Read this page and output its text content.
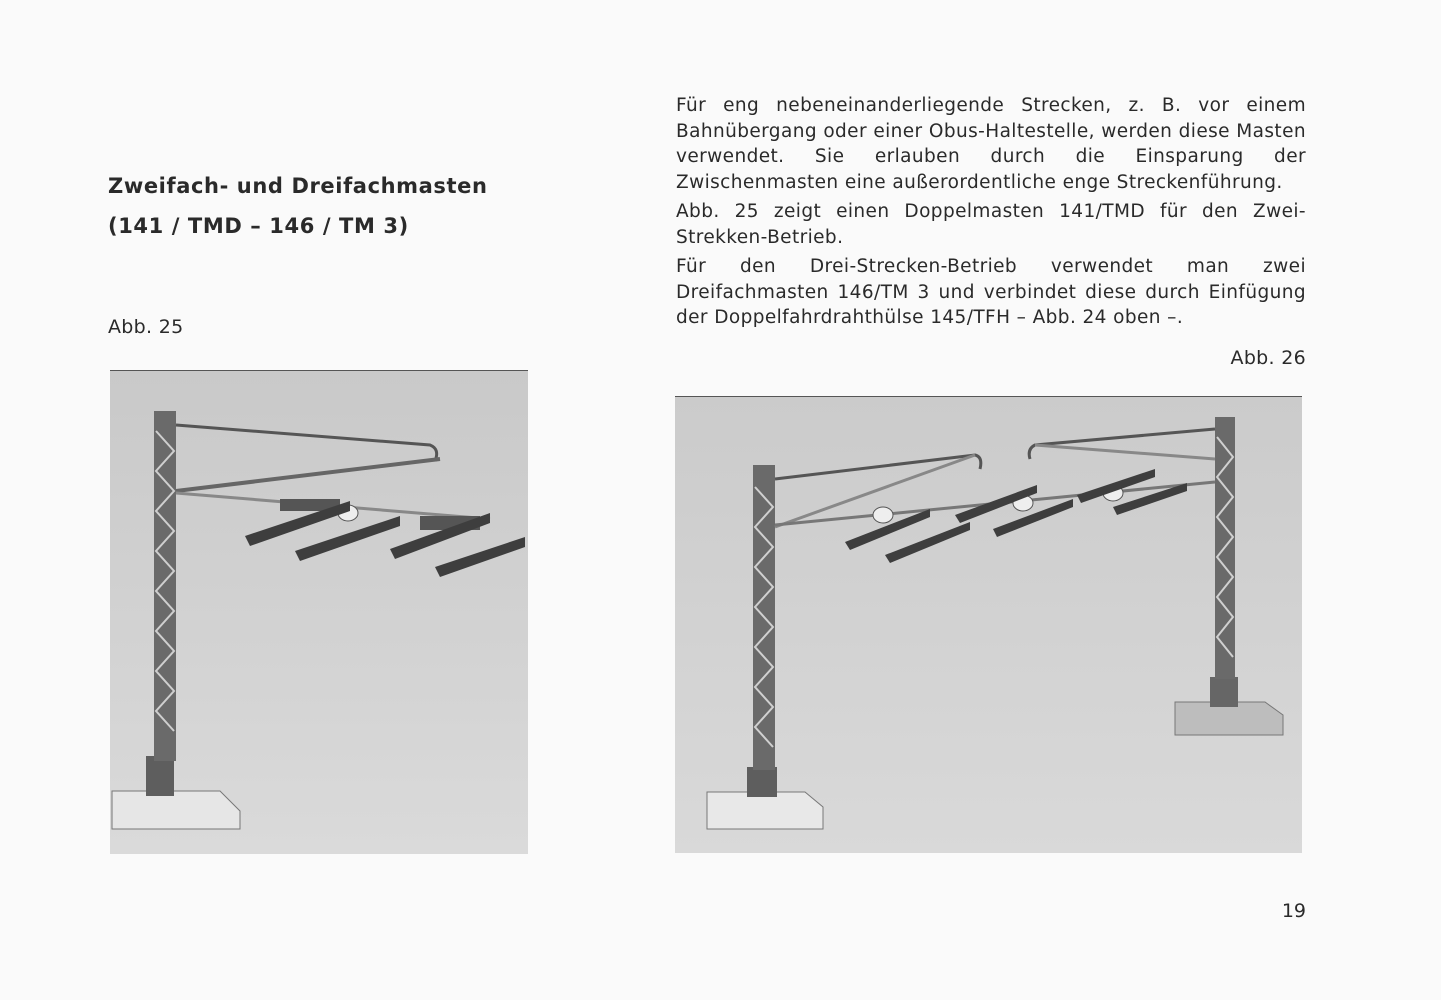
Zweifach- und Dreifachmasten
(141 / TMD – 146 / TM 3)
Abb. 25

Für eng nebeneinanderliegende Strecken, z. B. vor einem Bahnübergang oder einer Obus-Haltestelle, werden diese Masten verwendet. Sie erlauben durch die Einsparung der Zwischenmasten eine außerordentliche enge Streckenführung.

Abb. 25 zeigt einen Doppelmasten 141/TMD für den Zwei-Strekken-Betrieb.

Für den Drei-Strecken-Betrieb verwendet man zwei Dreifachmasten 146/TM 3 und verbindet diese durch Einfügung der Doppelfahrdrahthülse 145/TFH – Abb. 24 oben –.

Abb. 26
19
